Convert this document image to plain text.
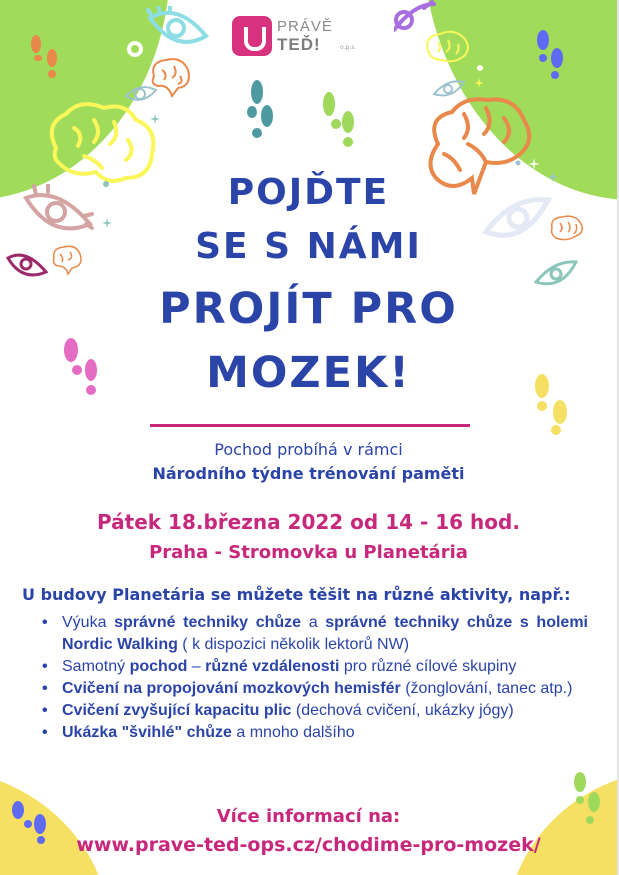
PRÁVĚ
TEĎ!	o.p.s.
POJĎTE
SE S NÁMI
PROJÍT PRO
MOZEK!
Pochod probíhá v rámci
Národního týdne trénování paměti
Pátek 18.března 2022 od 14 - 16 hod.
Praha - Stromovka u Planetária
U budovy Planetária se můžete těšit na různé aktivity, např.:
• Výuka správné techniky chůze a správné techniky chůze s holemi Nordic Walking ( k dispozici několik lektorů NW)
• Samotný pochod – různé vzdálenosti pro různé cílové skupiny
• Cvičení na propojování mozkových hemisfér (žonglování, tanec atp.)
• Cvičení zvyšující kapacitu plic (dechová cvičení, ukázky jógy)
• Ukázka "švihlé" chůze a mnoho dalšího
Více informací na:
www.prave-ted-ops.cz/chodime-pro-mozek/
